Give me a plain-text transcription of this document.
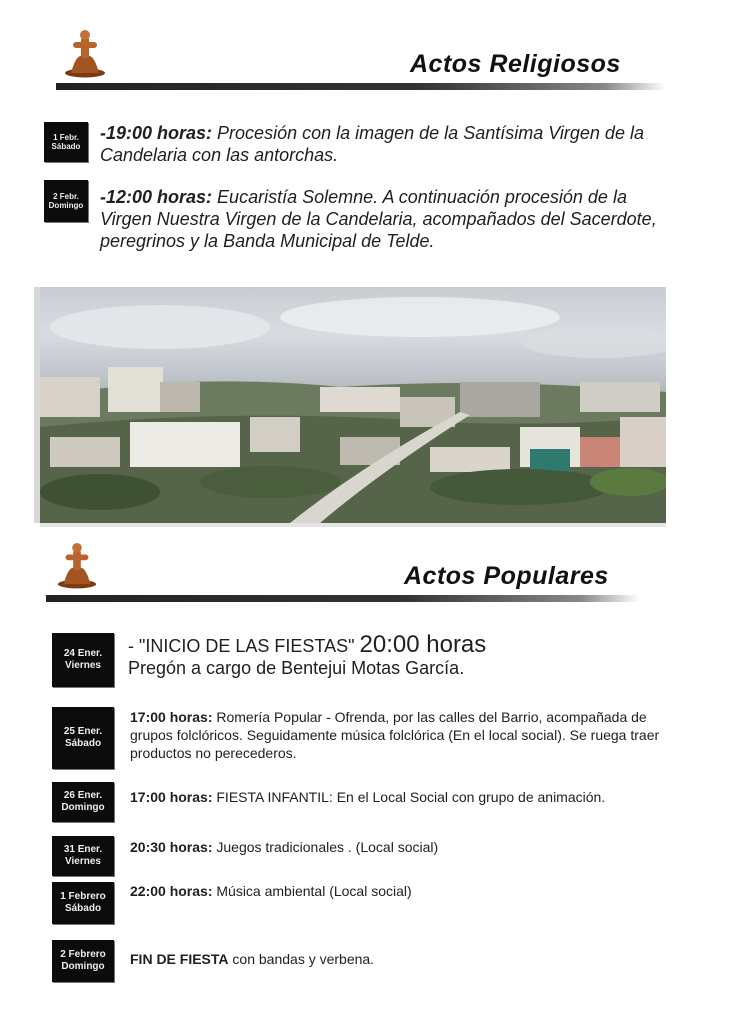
Actos Religiosos
1 Febr.
Sábado
-19:00 horas: Procesión con la imagen de la Santísima Virgen de la Candelaria con las antorchas.
2 Febr.
Domingo -12:00 horas: Eucaristía Solemne. A continuación procesión de la Virgen Nuestra Virgen de la Candelaria, acompañados del Sacerdote, peregrinos y la Banda Municipal de Telde.
Actos Populares
24 Ener.
Viernes
- "INICIO DE LAS FIESTAS" 20:00 horas
Pregón a cargo de Bentejui Motas García.
25 Ener.
Sábado
17:00 horas: Romería Popular - Ofrenda, por las calles del Barrio, acompañada de grupos folclóricos. Seguidamente música folclórica (En el local social). Se ruega traer productos no perecederos.
26 Ener.
Domingo
17:00 horas: FIESTA INFANTIL: En el Local Social con grupo de animación.
31 Ener.
Viernes
20:30 horas: Juegos tradicionales . (Local social)
1 Febrero
Sábado
22:00 horas: Música ambiental (Local social)
2 Febrero
Domingo FIN DE FIESTA con bandas y verbena.
